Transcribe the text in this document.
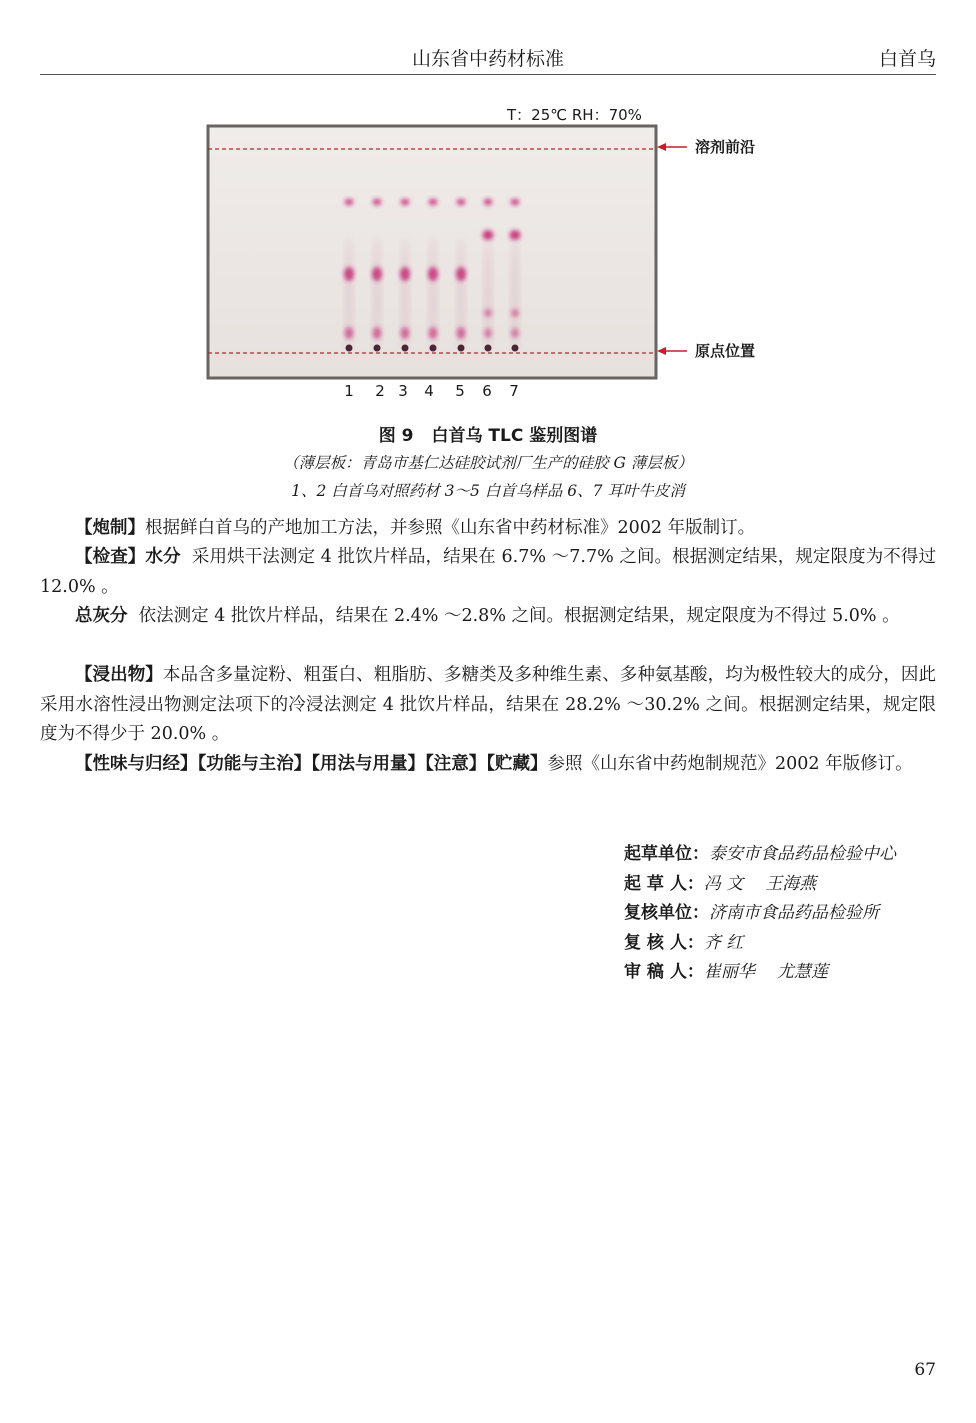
山东省中药材标准	白首乌
T：25℃ RH：70%
溶剂前沿
原点位置
1 2 3 4 5 6 7
图 9 白首乌 TLC 鉴别图谱
（薄层板：青岛市基仁达硅胶试剂厂生产的硅胶 G 薄层板）
1、2 白首乌对照药材 3～5 白首乌样品 6、7 耳叶牛皮消

【炮制】根据鲜白首乌的产地加工方法，并参照《山东省中药材标准》2002 年版制订。

【检查】水分 采用烘干法测定 4 批饮片样品，结果在 6.7% ～7.7% 之间。根据测定结果，规定限度为不得过 12.0% 。

总灰分 依法测定 4 批饮片样品，结果在 2.4% ～2.8% 之间。根据测定结果，规定限度为不得过 5.0% 。

【浸出物】本品含多量淀粉、粗蛋白、粗脂肪、多糖类及多种维生素、多种氨基酸，均为极性较大的成分，因此采用水溶性浸出物测定法项下的冷浸法测定 4 批饮片样品，结果在 28.2% ～30.2% 之间。根据测定结果，规定限度为不得少于 20.0% 。

【性味与归经】【功能与主治】【用法与用量】【注意】【贮藏】参照《山东省中药炮制规范》2002 年版修订。

起草单位：泰安市食品药品检验中心
起 草 人：冯 文 王海燕
复核单位：济南市食品药品检验所
复 核 人：齐 红
审 稿 人：崔丽华 尤慧莲
67
